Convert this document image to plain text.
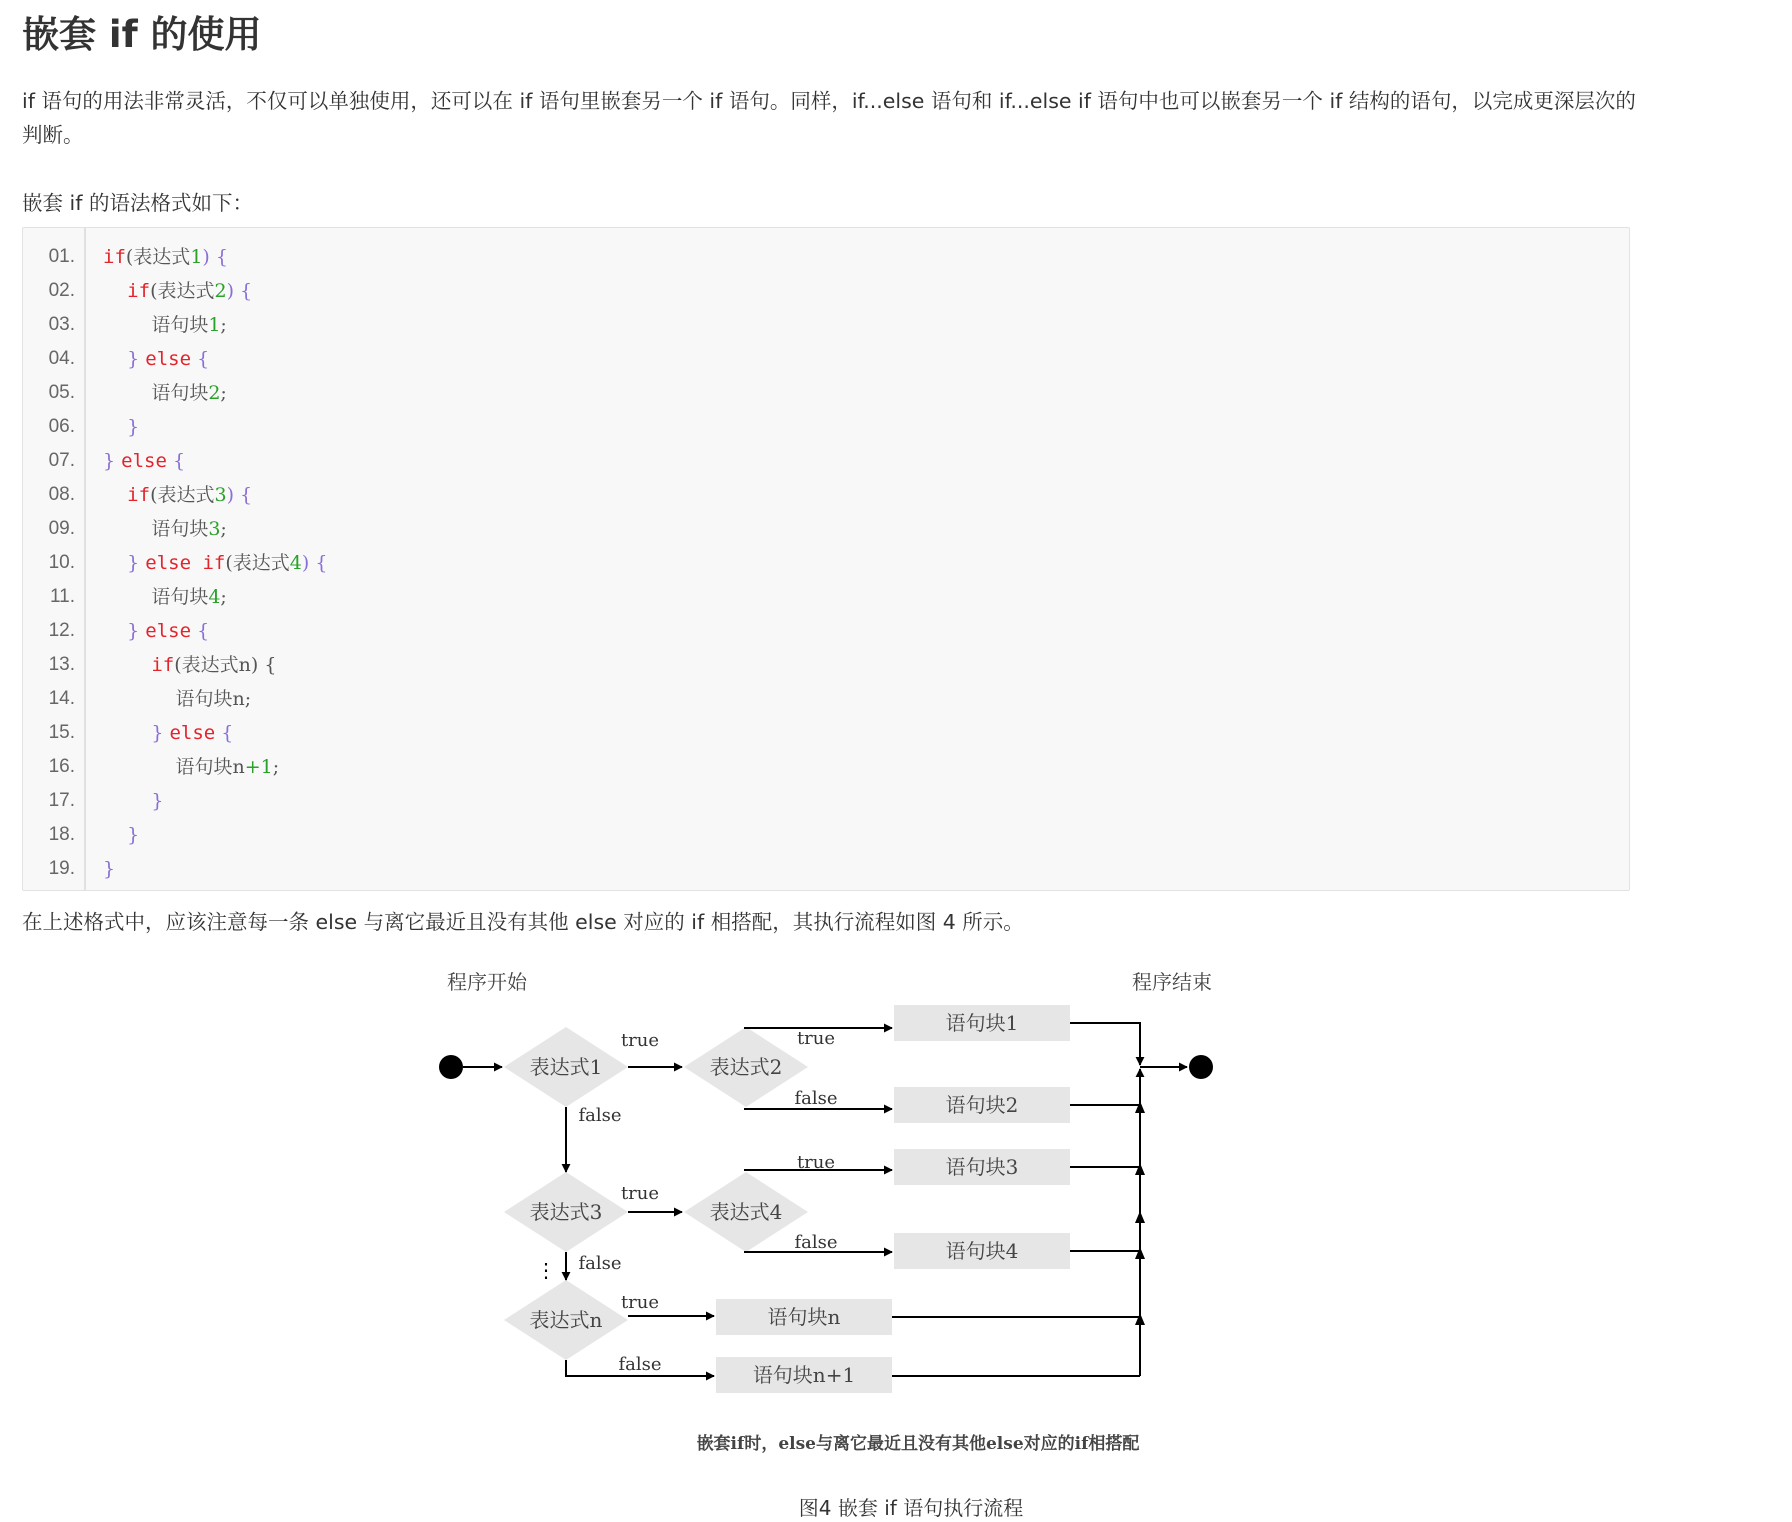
嵌套 if 的使用

if 语句的用法非常灵活，不仅可以单独使用，还可以在 if 语句里嵌套另一个 if 语句。同样，if...else 语句和 if...else if 语句中也可以嵌套另一个 if 结构的语句，以完成更深层次的判断。

嵌套 if 的语法格式如下：

01. if(表达式1) {
02.	if(表达式2) {
03. 语句块1;
04. } else {
05. 语句块2;
06. }
07. } else {
08.	if(表达式3) {
09. 语句块3;
10. } else if(表达式4) {
11. 语句块4;
12. } else {
13.	if(表达式n) {
14. 语句块n;
15. } else {
16. 语句块n+1;
17. }
18. }
19. }

在上述格式中，应该注意每一条 else 与离它最近且没有其他 else 对应的 if 相搭配，其执行流程如图 4 所示。

程序开始	程序结束
表达式1	表达式2
表达式3	表达式4
表达式n
语句块1
语句块2
语句块3
语句块4
语句块n
语句块n+1
true	true
false
false
true
true
false
false
true
false
⋮
嵌套if时，else与离它最近且没有其他else对应的if相搭配

图4 嵌套 if 语句执行流程
